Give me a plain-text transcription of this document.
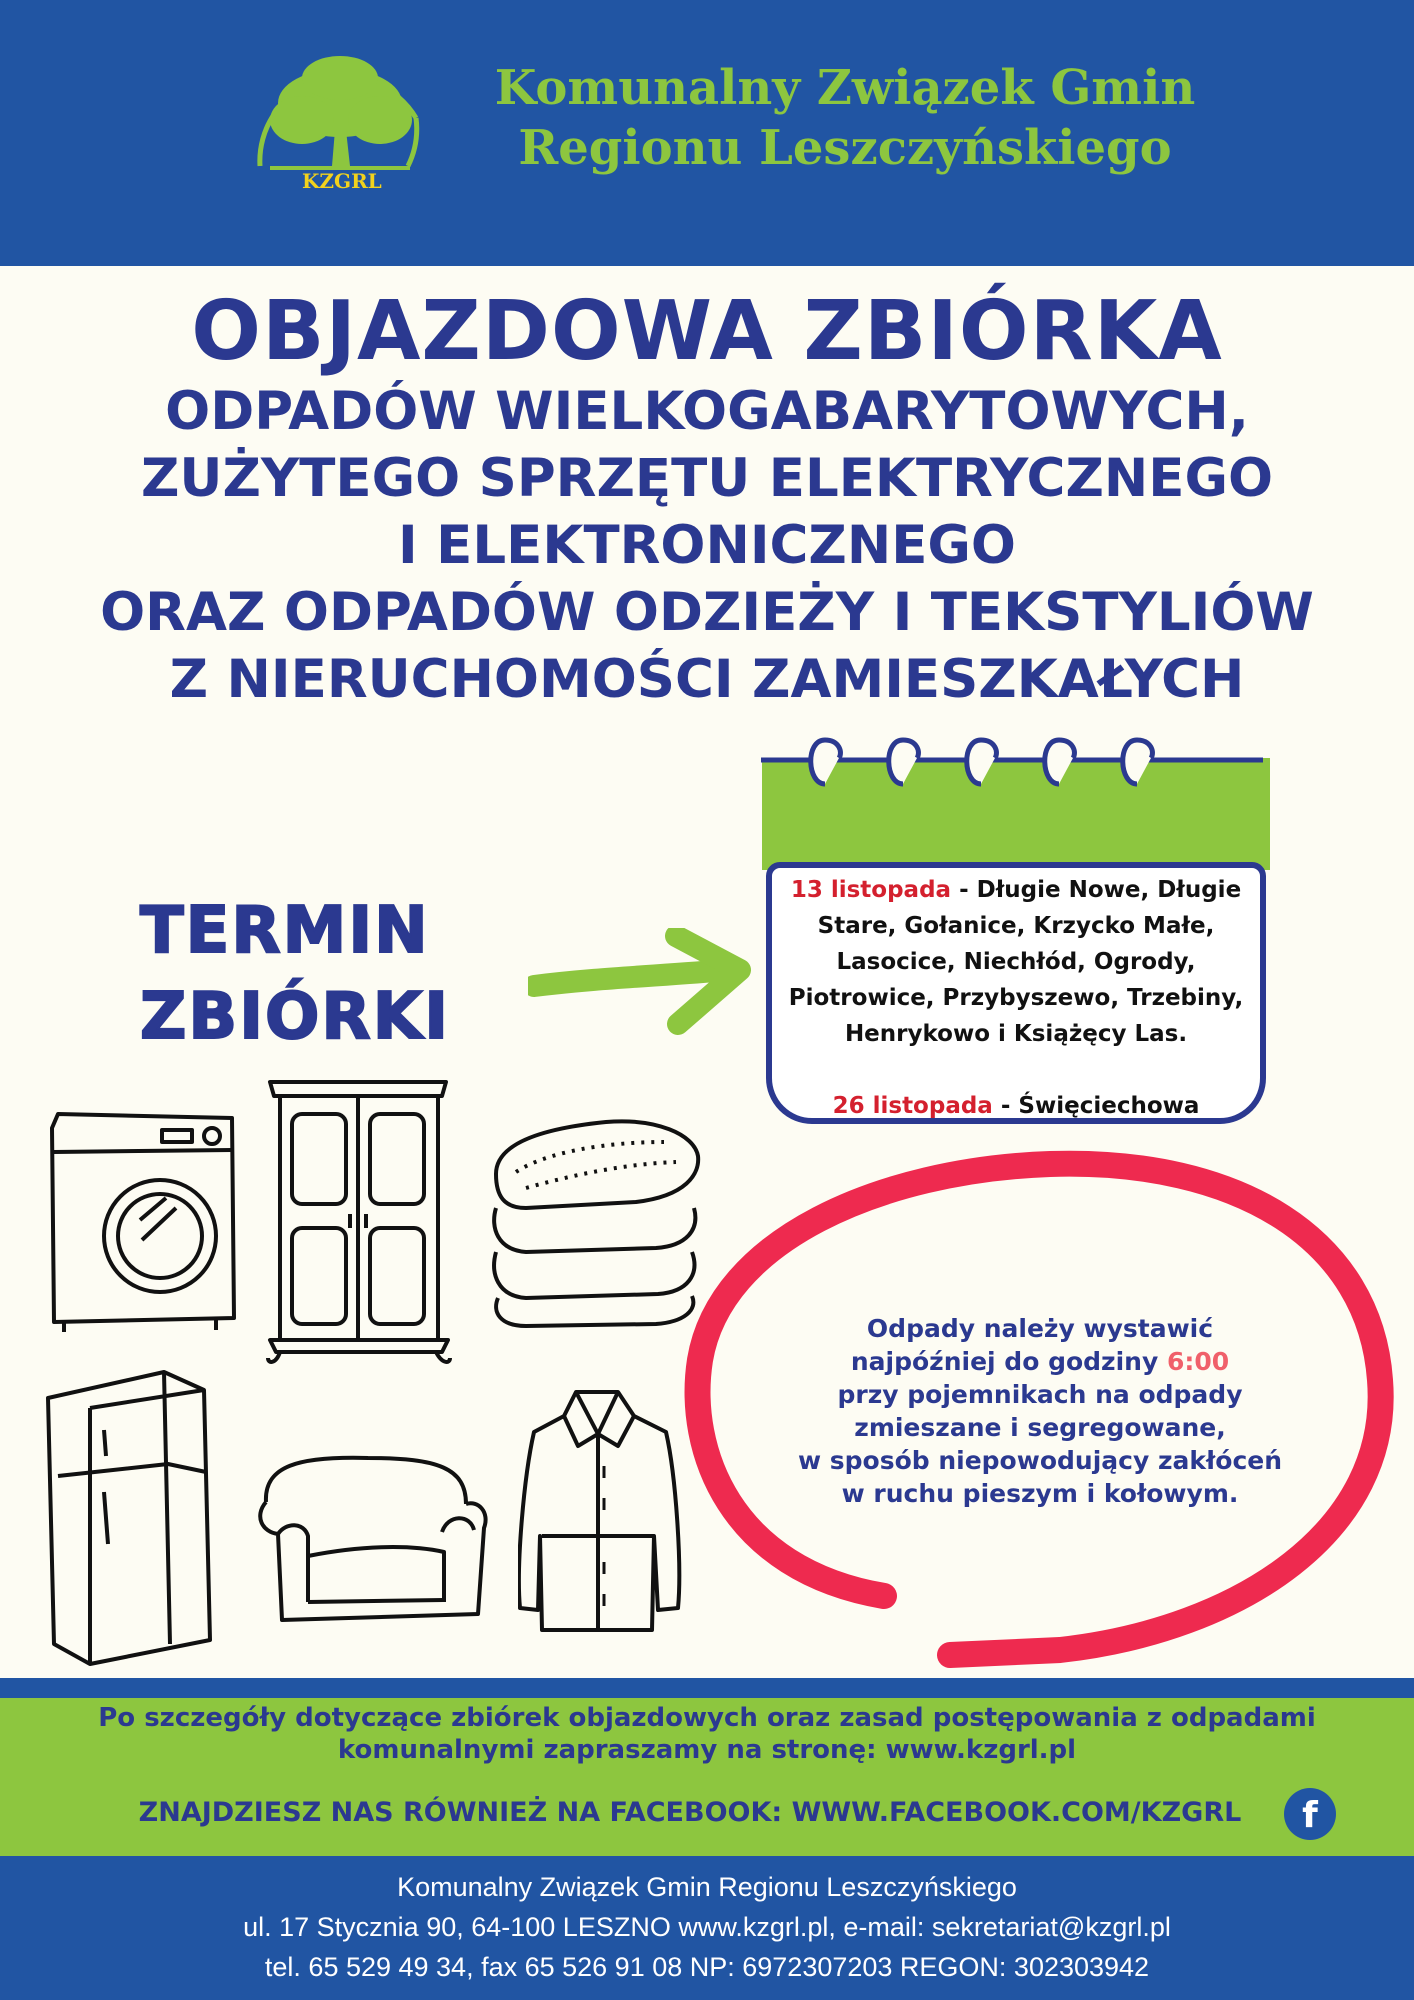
KZGRL
Komunalny Związek Gmin
Regionu Leszczyńskiego
OBJAZDOWA ZBIÓRKA
ODPADÓW WIELKOGABARYTOWYCH,
ZUŻYTEGO SPRZĘTU ELEKTRYCZNEGO
I ELEKTRONICZNEGO
ORAZ ODPADÓW ODZIEŻY I TEKSTYLIÓW
Z NIERUCHOMOŚCI ZAMIESZKAŁYCH
TERMIN
ZBIÓRKI
13 listopada - Długie Nowe, Długie Stare, Gołanice, Krzycko Małe, Lasocice, Niechłód, Ogrody, Piotrowice, Przybyszewo, Trzebiny, Henrykowo i Książęcy Las.
26 listopada - Święciechowa
Odpady należy wystawić
najpóźniej do godziny 6:00
przy pojemnikach na odpady
zmieszane i segregowane,
w sposób niepowodujący zakłóceń
w ruchu pieszym i kołowym.
Po szczegóły dotyczące zbiórek objazdowych oraz zasad postępowania z odpadami
komunalnymi zapraszamy na stronę: www.kzgrl.pl
ZNAJDZIESZ NAS RÓWNIEŻ NA FACEBOOK: WWW.FACEBOOK.COM/KZGRL	f
Komunalny Związek Gmin Regionu Leszczyńskiego
ul. 17 Stycznia 90, 64-100 LESZNO www.kzgrl.pl, e-mail: sekretariat@kzgrl.pl
tel. 65 529 49 34, fax 65 526 91 08 NP: 6972307203 REGON: 302303942
